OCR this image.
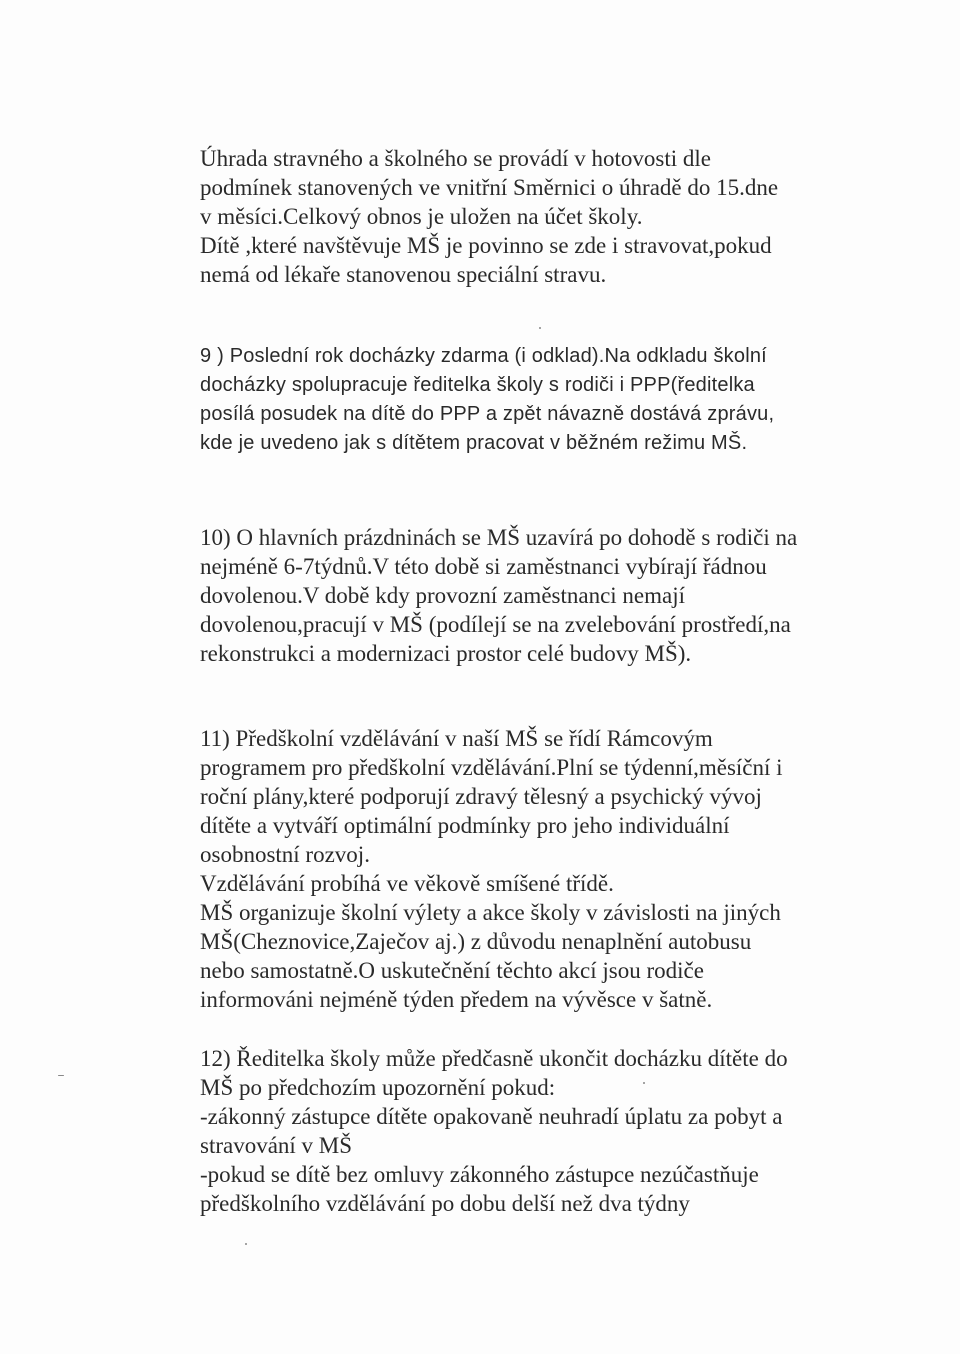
Úhrada stravného a školného se provádí v hotovosti dle
podmínek stanovených ve vnitřní Směrnici o úhradě do 15.dne
v měsíci.Celkový obnos je uložen na účet školy.
Dítě ,které navštěvuje MŠ je povinno se zde i stravovat,pokud
nemá od lékaře stanovenou speciální stravu.
9 ) Poslední rok docházky zdarma (i odklad).Na odkladu školní
docházky spolupracuje ředitelka školy s rodiči i PPP(ředitelka
posílá posudek na dítě do PPP a zpět návazně dostává zprávu,
kde je uvedeno jak s dítětem pracovat v běžném režimu MŠ.
10) O hlavních prázdninách se MŠ uzavírá po dohodě s rodiči na
nejméně 6-7týdnů.V této době si zaměstnanci vybírají řádnou
dovolenou.V době kdy provozní zaměstnanci nemají
dovolenou,pracují v MŠ (podílejí se na zvelebování prostředí,na
rekonstrukci a modernizaci prostor celé budovy MŠ).
11) Předškolní vzdělávání v naší MŠ se řídí Rámcovým
programem pro předškolní vzdělávání.Plní se týdenní,měsíční i
roční plány,které podporují zdravý tělesný a psychický vývoj
dítěte a vytváří optimální podmínky pro jeho individuální
osobnostní rozvoj.
Vzdělávání probíhá ve věkově smíšené třídě.
MŠ organizuje školní výlety a akce školy v závislosti na jiných
MŠ(Cheznovice,Zaječov aj.) z důvodu nenaplnění autobusu
nebo samostatně.O uskutečnění těchto akcí jsou rodiče
informováni nejméně týden předem na vývěsce v šatně.
12) Ředitelka školy může předčasně ukončit docházku dítěte do
MŠ po předchozím upozornění pokud:
-zákonný zástupce dítěte opakovaně neuhradí úplatu za pobyt a
stravování v MŠ
-pokud se dítě bez omluvy zákonného zástupce nezúčastňuje
předškolního vzdělávání po dobu delší než dva týdny
